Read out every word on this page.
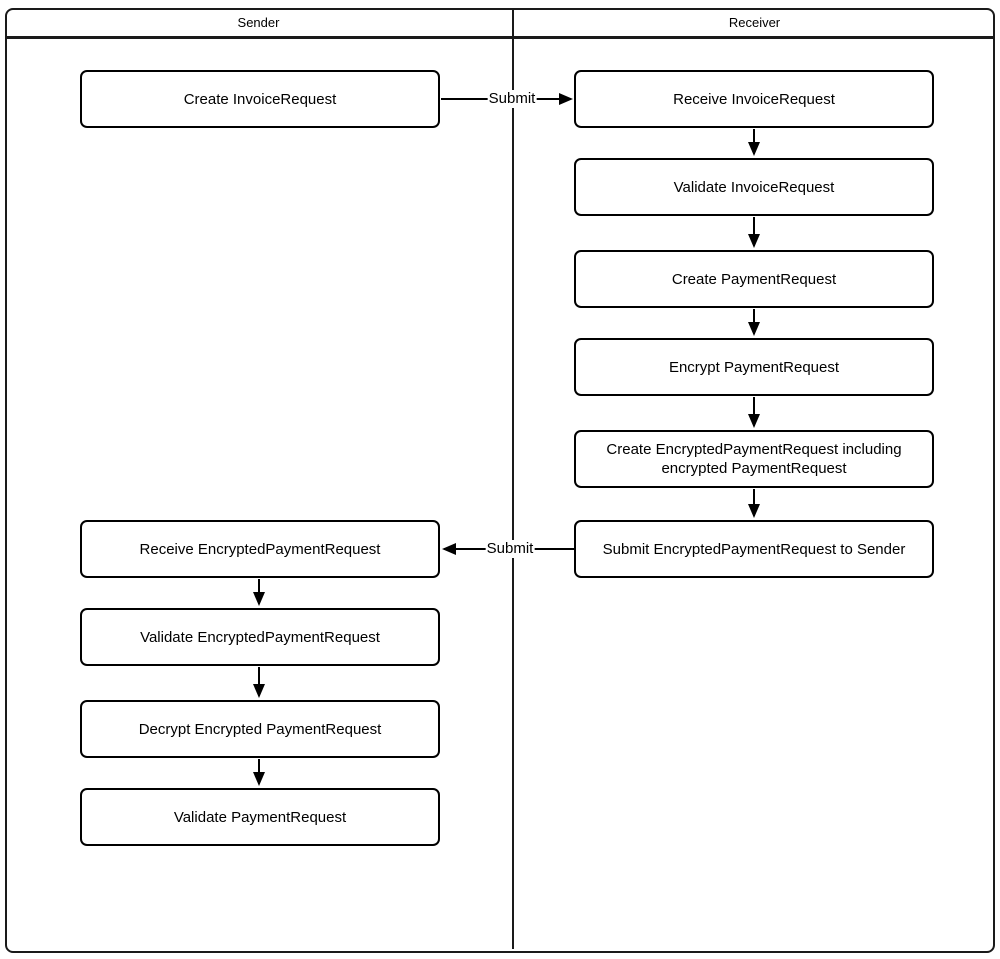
Sender	Receiver
Create InvoiceRequest
Receive EncryptedPaymentRequest
Validate EncryptedPaymentRequest
Decrypt Encrypted PaymentRequest
Validate PaymentRequest
Receive InvoiceRequest
Validate InvoiceRequest
Create PaymentRequest
Encrypt PaymentRequest
Create EncryptedPaymentRequest including encrypted PaymentRequest
Submit EncryptedPaymentRequest to Sender
Submit
Submit
